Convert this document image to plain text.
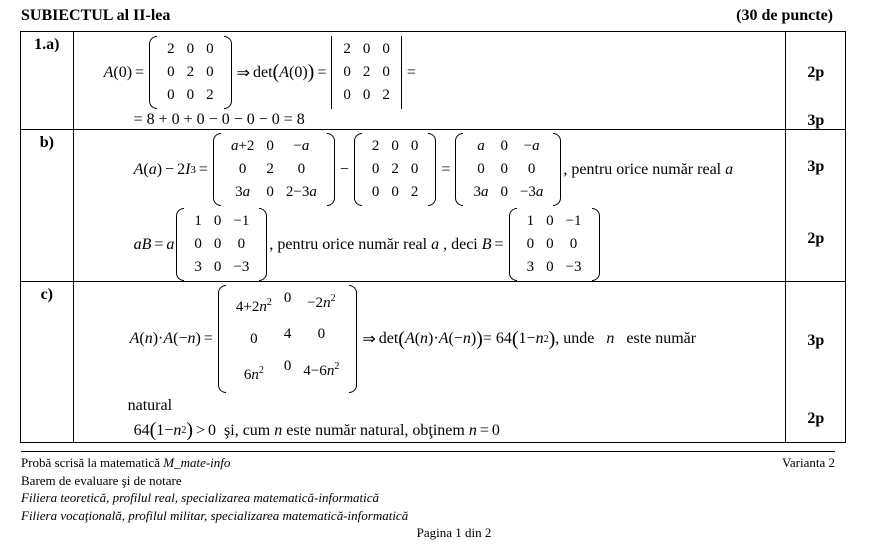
SUBIECTUL al II-lea	(30 de puncte)
1.a)

A (0) =
2	0	0
0	2	0
0	0	2
⇒ det ( A (0) ) =
2	0	0
0	2	0
0	0	2
=
= 8 + 0 + 0 − 0 − 0 − 0 = 8

2p
3p

b)

A ( a ) − 2 I 3 =
a+2	0	−a
0	2	0
3a	0	2−3a
−
2	0	0
0	2	0
0	0	2
=
a	0	−a
0	0	0
3a	0	−3a
, pentru orice număr real
a
aB = a
1	0	−1
0	0	0
3	0	−3
, pentru orice număr real
a
, deci
B =
1	0	−1
0	0	0
3	0	−3

3p
2p

c)

A ( n )· A (− n ) =
$4+2n^2$	0	$-2n^2$
0	4	0
$6n^2$	0	$4-6n^2$
⇒ det ( A ( n )· A (− n ) ) = 64 ( 1− n 2 ) , unde
n
este număr
natural
64 ( 1− n 2 ) > 0 şi, cum
n
este număr natural, obţinem
n = 0

3p
2p
Probă scrisă la matematică M_mate-info	Varianta 2
Barem de evaluare şi de notare
Filiera teoretică, profilul real, specializarea matematică-informatică
Filiera vocaţională, profilul militar, specializarea matematică-informatică
Pagina 1 din 2
